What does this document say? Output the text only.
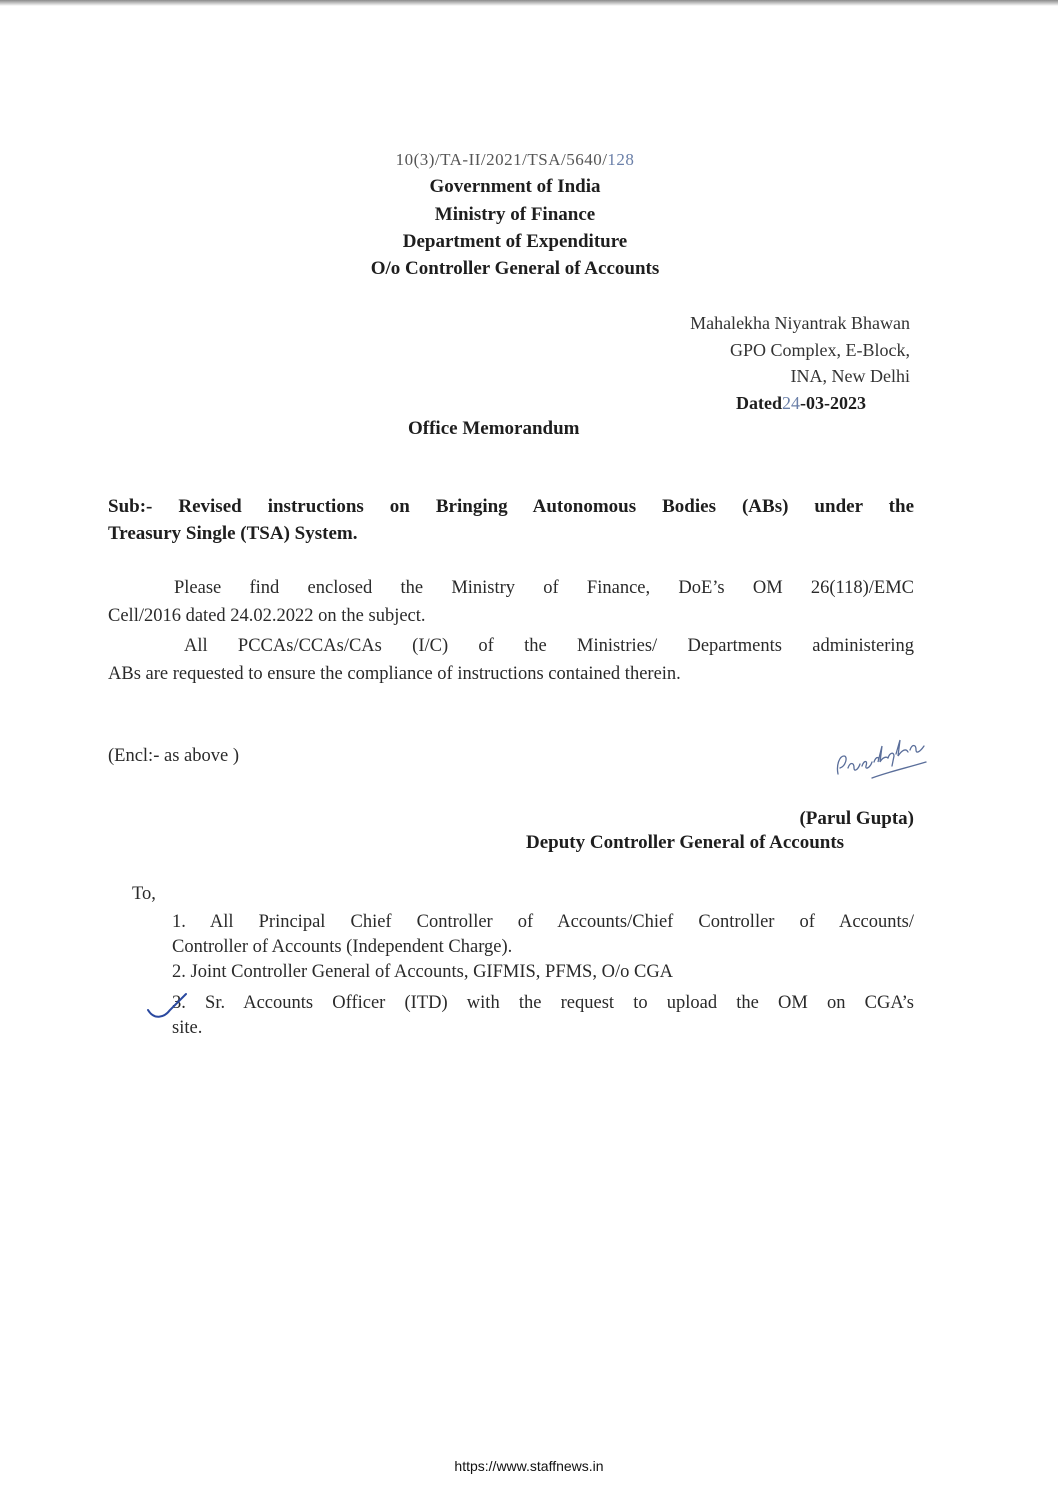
10(3)/TA-II/2021/TSA/5640/128
Government of India
Ministry of Finance
Department of Expenditure
O/o Controller General of Accounts
Mahalekha Niyantrak Bhawan
GPO Complex, E-Block,
INA, New Delhi
Dated24-03-2023
Office Memorandum
Sub:- Revised instructions on Bringing Autonomous Bodies (ABs) under the
Treasury Single (TSA) System.
Please find enclosed the Ministry of Finance, DoE’s OM 26(118)/EMC
Cell/2016 dated 24.02.2022 on the subject.
All PCCAs/CCAs/CAs (I/C) of the Ministries/ Departments administering
ABs are requested to ensure the compliance of instructions contained therein.
(Encl:- as above )
Parulgupta
(Parul Gupta)
Deputy Controller General of Accounts
To,
1. All Principal Chief Controller of Accounts/Chief Controller of Accounts/
Controller of Accounts (Independent Charge).
2. Joint Controller General of Accounts, GIFMIS, PFMS, O/o CGA
3. Sr. Accounts Officer (ITD) with the request to upload the OM on CGA’s
site.
https://www.staffnews.in
